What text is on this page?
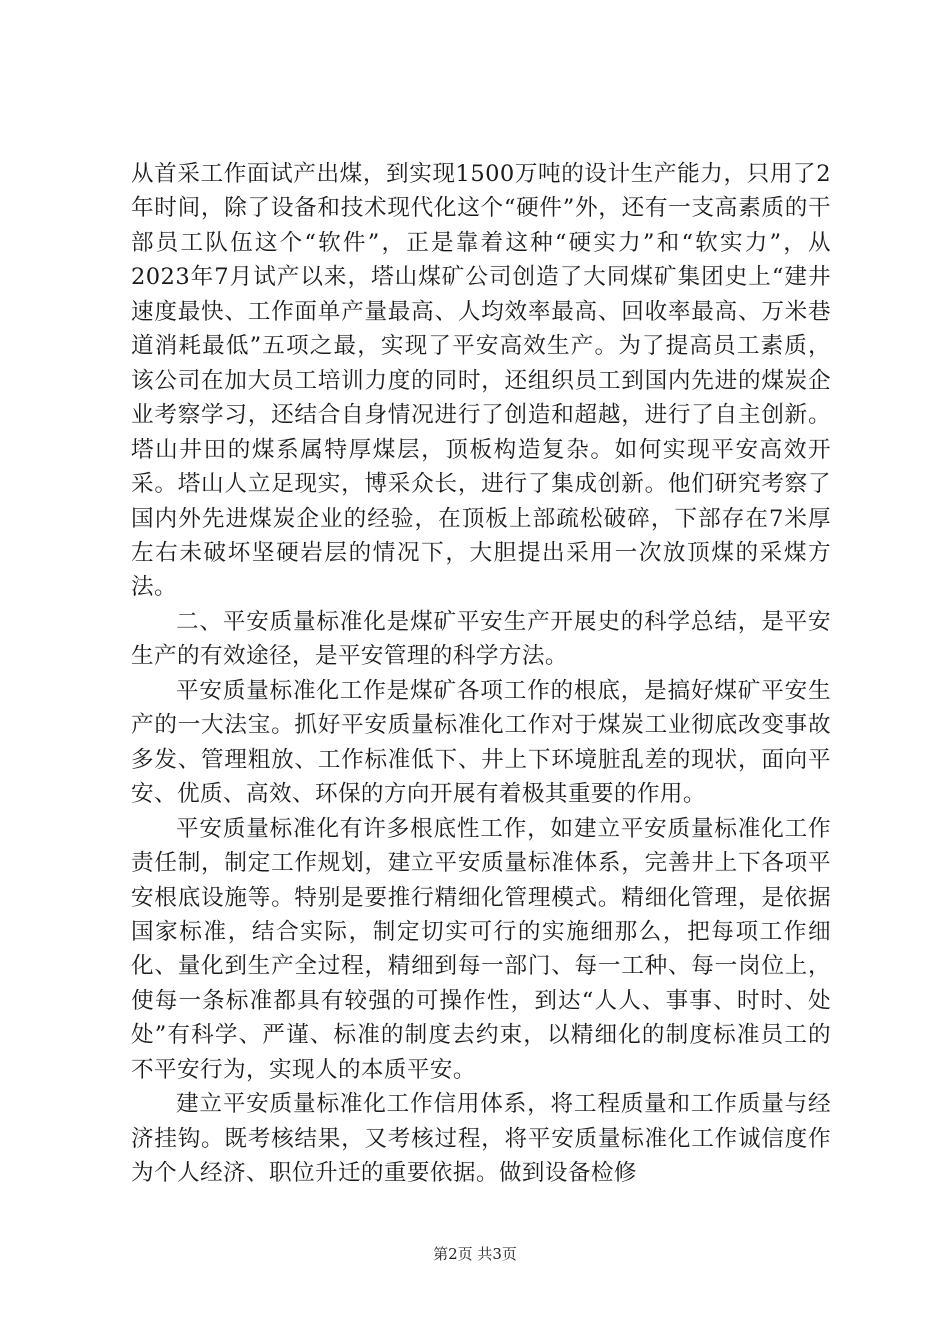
从首采工作面试产出煤，到实现1500万吨的设计生产能力，只用了2年时间，除了设备和技术现代化这个“硬件”外，还有一支高素质的干部员工队伍这个“软件”，正是靠着这种“硬实力”和“软实力”，从2023年7月试产以来，塔山煤矿公司创造了大同煤矿集团史上“建井速度最快、工作面单产量最高、人均效率最高、回收率最高、万米巷道消耗最低”五项之最，实现了平安高效生产。为了提高员工素质，该公司在加大员工培训力度的同时，还组织员工到国内先进的煤炭企业考察学习，还结合自身情况进行了创造和超越，进行了自主创新。塔山井田的煤系属特厚煤层，顶板构造复杂。如何实现平安高效开采。塔山人立足现实，博采众长，进行了集成创新。他们研究考察了国内外先进煤炭企业的经验，在顶板上部疏松破碎，下部存在7米厚左右未破坏坚硬岩层的情况下，大胆提出采用一次放顶煤的采煤方法。

二、平安质量标准化是煤矿平安生产开展史的科学总结，是平安生产的有效途径，是平安管理的科学方法。

平安质量标准化工作是煤矿各项工作的根底，是搞好煤矿平安生产的一大法宝。抓好平安质量标准化工作对于煤炭工业彻底改变事故多发、管理粗放、工作标准低下、井上下环境脏乱差的现状，面向平安、优质、高效、环保的方向开展有着极其重要的作用。

平安质量标准化有许多根底性工作，如建立平安质量标准化工作责任制，制定工作规划，建立平安质量标准体系，完善井上下各项平安根底设施等。特别是要推行精细化管理模式。精细化管理，是依据国家标准，结合实际，制定切实可行的实施细那么，把每项工作细化、量化到生产全过程，精细到每一部门、每一工种、每一岗位上，使每一条标准都具有较强的可操作性，到达“人人、事事、时时、处处”有科学、严谨、标准的制度去约束，以精细化的制度标准员工的不平安行为，实现人的本质平安。

建立平安质量标准化工作信用体系，将工程质量和工作质量与经济挂钩。既考核结果，又考核过程，将平安质量标准化工作诚信度作为个人经济、职位升迁的重要依据。做到设备检修

第2页 共3页
